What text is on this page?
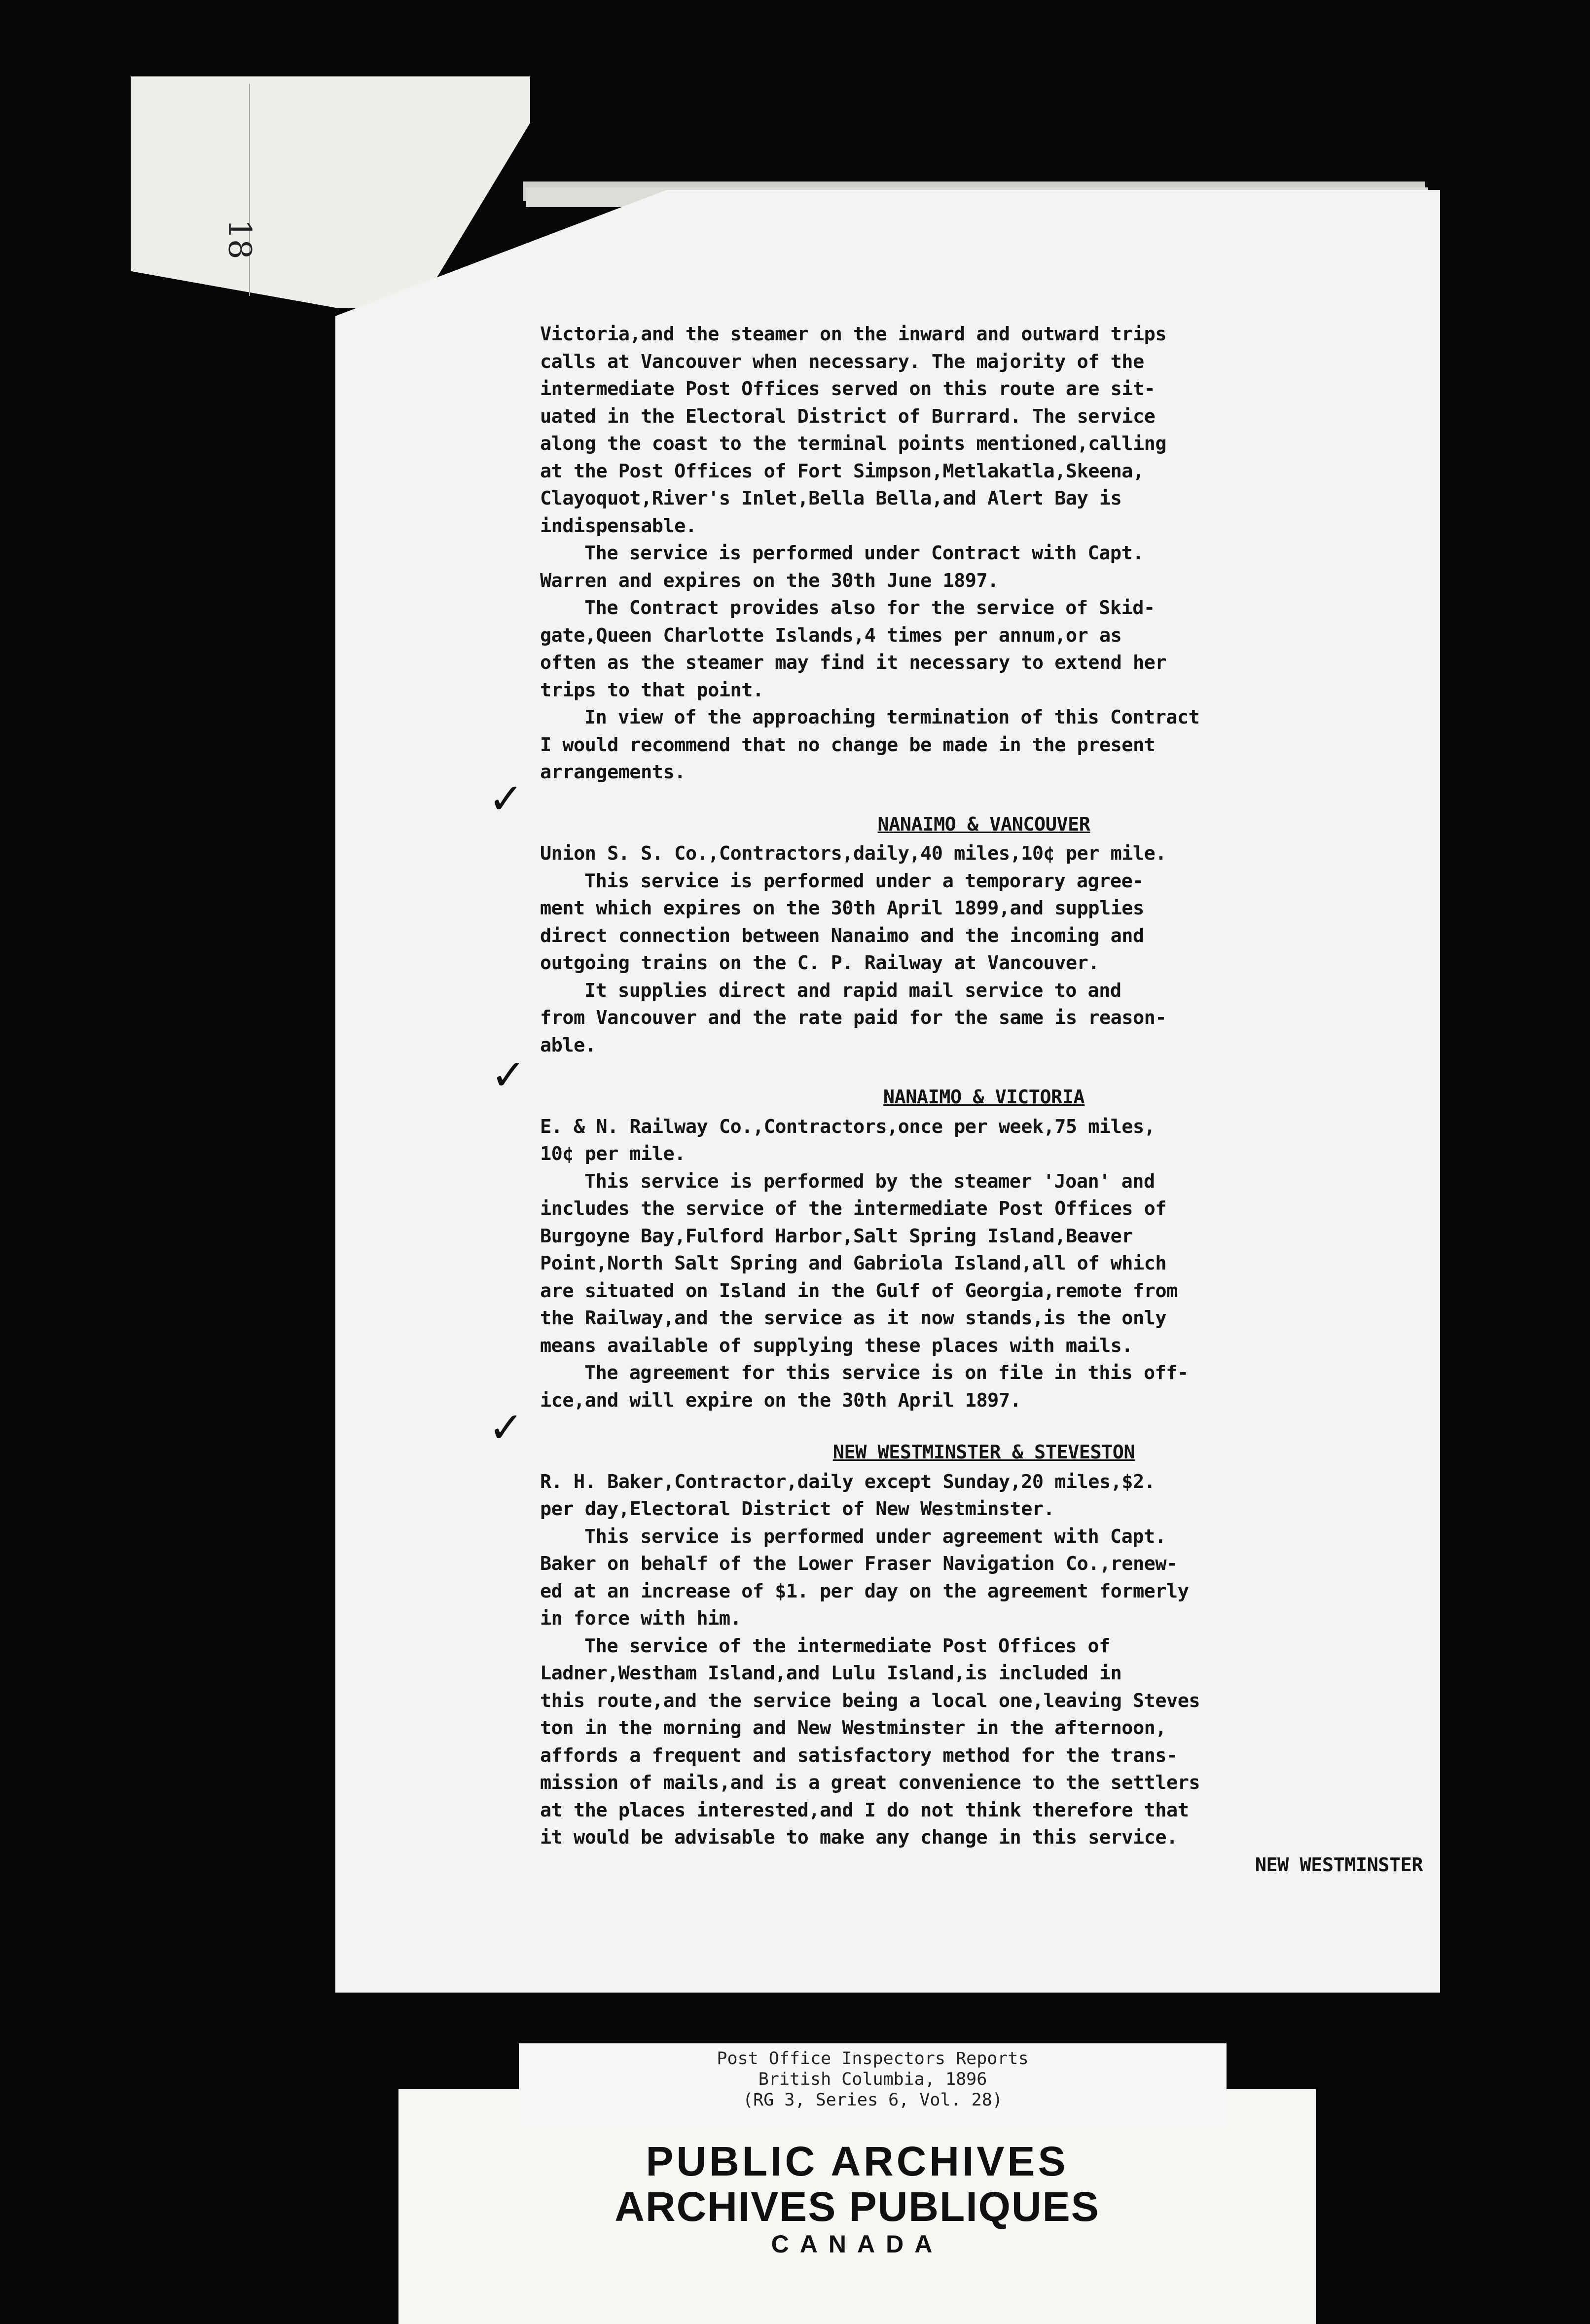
18

Victoria,and the steamer on the inward and outward trips

calls at Vancouver when necessary. The majority of the

intermediate Post Offices served on this route are sit-

uated in the Electoral District of Burrard. The service

along the coast to the terminal points mentioned,calling

at the Post Offices of Fort Simpson,Metlakatla,Skeena,

Clayoquot,River's Inlet,Bella Bella,and Alert Bay is

indispensable.

The service is performed under Contract with Capt.

Warren and expires on the 30th June 1897.

The Contract provides also for the service of Skid-

gate,Queen Charlotte Islands,4 times per annum,or as

often as the steamer may find it necessary to extend her

trips to that point.

In view of the approaching termination of this Contract

I would recommend that no change be made in the present

arrangements.

NANAIMO & VANCOUVER

Union S. S. Co.,Contractors,daily,40 miles,10¢ per mile.

This service is performed under a temporary agree-

ment which expires on the 30th April 1899,and supplies

direct connection between Nanaimo and the incoming and

outgoing trains on the C. P. Railway at Vancouver.

It supplies direct and rapid mail service to and

from Vancouver and the rate paid for the same is reason-

able.

NANAIMO & VICTORIA

E. & N. Railway Co.,Contractors,once per week,75 miles,

10¢ per mile.

This service is performed by the steamer 'Joan' and

includes the service of the intermediate Post Offices of

Burgoyne Bay,Fulford Harbor,Salt Spring Island,Beaver

Point,North Salt Spring and Gabriola Island,all of which

are situated on Island in the Gulf of Georgia,remote from

the Railway,and the service as it now stands,is the only

means available of supplying these places with mails.

The agreement for this service is on file in this off-

ice,and will expire on the 30th April 1897.

NEW WESTMINSTER & STEVESTON

R. H. Baker,Contractor,daily except Sunday,20 miles,$2.

per day,Electoral District of New Westminster.

This service is performed under agreement with Capt.

Baker on behalf of the Lower Fraser Navigation Co.,renew-

ed at an increase of $1. per day on the agreement formerly

in force with him.

The service of the intermediate Post Offices of

Ladner,Westham Island,and Lulu Island,is included in

this route,and the service being a local one,leaving Steves

ton in the morning and New Westminster in the afternoon,

affords a frequent and satisfactory method for the trans-

mission of mails,and is a great convenience to the settlers

at the places interested,and I do not think therefore that

it would be advisable to make any change in this service.

NEW WESTMINSTER

✓
✓
✓
PUBLIC ARCHIVES
ARCHIVES PUBLIQUES
CANADA
Post Office Inspectors Reports
British Columbia, 1896
(RG 3, Series 6, Vol. 28)
